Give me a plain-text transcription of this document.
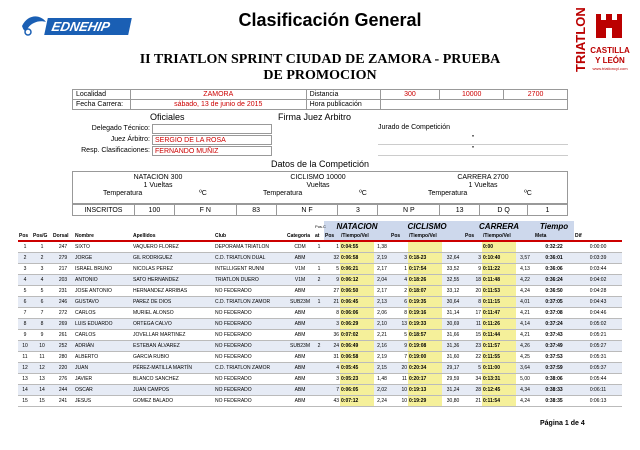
EDNEHIP	Clasificación General	TRIATLON CASTILLA
Y LEÓN
www.triatloncyl.com
II TRIATLON SPRINT CIUDAD DE ZAMORA - PRUEBA
DE PROMOCION
Localidad	ZAMORA	Distancia	300	10000	2700
Fecha Carrera:	sábado, 13 de junio de 2015	Hora publicación			
Oficiales	Firma Juez Arbitro
Delegado Técnico:
Juez Árbitro: SERGIO DE LA ROSA
Resp. Clasificaciones: FERNANDO MUÑIZ
Jurado de Competición
"
"
Datos de la Competición
NATACION 300
1 Vueltas
Temperatura	ºC
CICLISMO 10000
Vueltas
Temperatura	ºC
CARRERA 2700
1 Vueltas
Temperatura	ºC
INSCRITOS	100	F N	83	N F	3	N P	13	D Q	1
							Pos.C	NATACION			CICLISMO			CARRERA			Tiempo	
Pos	Pos/G	Dorsal	Nombre	Apellidos	Club	Categoria	at	Pos	/Tiempo/Vel		Pos	/Tiempo/Vel		Pos	/Tiempo/Vel		Meta	Dif
1	1	247	SIXTO	VAQUERO FLOREZ	DEPORAMA TRIATLON	CDM	1	1	0:04:55	1,38					0:00		0:32:22	0:00:00
2	2	279	JORGE	GIL RODRIGUEZ	C.D. TRIATLON DUAL	ABM		32	0:06:58	2,19	3	0:18-23	32,64	3	0:10:40	3,57	0:36:01	0:03:39
3	3	217	ISRAEL BRUNO	NICOLAS PEREZ	INTELLIGENT RUNNI	V1M	1	5	0:06:21	2,17	1	0:17:54	33,52	9	0:11:22	4,13	0:36:06	0:03:44
4	4	203	ANTONIO	SATO HERNANDEZ	TRIATLON DUERO	V1M	2	9	0:06:12	2,04	4	0:18:26	32,55	18	0:11:48	4,22	0:36:24	0:04:02
5	5	231	JOSE ANTONIO	HERNANDEZ ARRIBAS	NO FEDERADO	ABM		27	0:06:50	2,17	2	0:18:07	33,12	20	0:11:53	4,24	0:36:50	0:04:28
6	6	246	GUSTAVO	PAREZ DE DIOS	C.D. TRIATLON ZAMOR	SUB23M	1	21	0:06:45	2,13	6	0:19:35	30,64	8	0:11:15	4,01	0:37:05	0:04:43
7	7	272	CARLOS	MURIEL ALONSO	NO FEDERADO	ABM		8	0:06:06	2,06	8	0:19:16	31,14	17	0:11:47	4,21	0:37:08	0:04:46
8	8	269	LUIS EDUARDO	ORTEGA CALVO	NO FEDERADO	ABM		3	0:06:29	2,10	13	0:19:33	30,69	11	0:11:26	4,14	0:37:24	0:05:02
9	9	261	CARLOS	JOVELLAR MARTINEZ	NO FEDERADO	ABM		36	0:07:02	2,21	5	0:18:57	31,66	15	0:11:44	4,21	0:37:43	0:05:21
10	10	252	ADRIÁN	ESTEBAN ÁLVAREZ	NO FEDERADO	SUB23M	2	24	0:06:49	2,16	9	0:19:08	31,36	23	0:11:57	4,26	0:37:49	0:05:27
11	11	280	ALBERTO	GARCIA RUBIO	NO FEDERADO	ABM		31	0:06:58	2,19	7	0:19:00	31,60	22	0:11:55	4,25	0:37:53	0:05:31
12	12	220	JUAN	PÉREZ-MATILLA MARTÍN	C.D. TRIATLON ZAMOR	ABM		4	0:05:45	2,15	20	0:20:34	29,17	5	0:11:00	3,64	0:37:59	0:05:37
13	13	276	JAVIER	BLANCO SANCHEZ	NO FEDERADO	ABM		3	0:05:23	1,48	11	0:20:17	29,59	34	0:13:31	5,00	0:38:06	0:05:44
14	14	244	OSCAR	JUAN CAMPOS	NO FEDERADO	ABM		7	0:06:05	2,02	10	0:19:13	31,24	28	0:12:45	4,34	0:38:33	0:06:11
15	15	241	JESUS	GOMEZ BALADO	NO FEDERADO	ABM		43	0:07:12	2,24	10	0:19:29	30,80	21	0:11:54	4,24	0:38:35	0:06:13
Página 1 de 4
